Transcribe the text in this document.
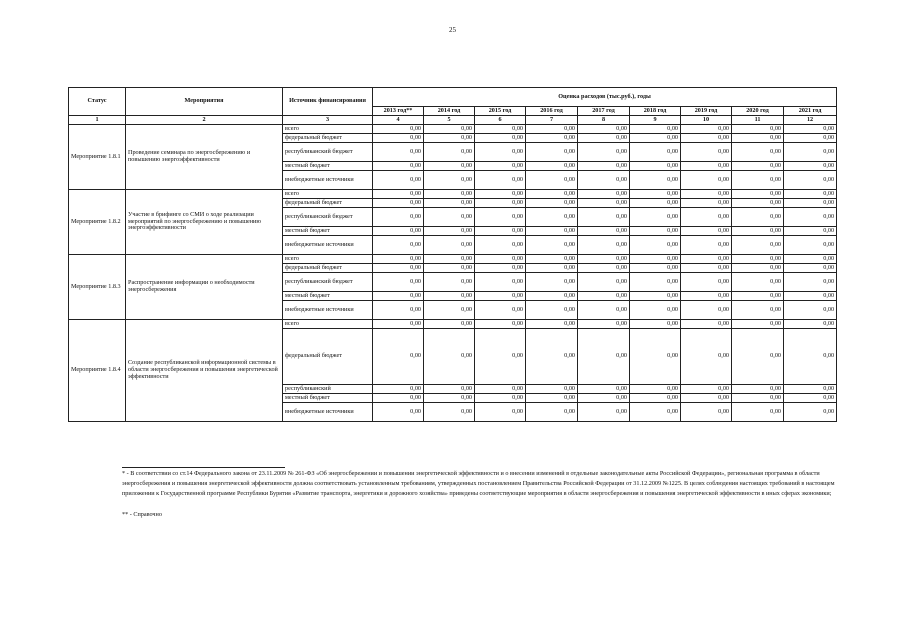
25
Статус	Мероприятия	Источник финансирования	Оценка расходов (тыс.руб.), годы								
			2013 год**	2014 год	2015 год	2016 год	2017 год	2018 год	2019 год	2020 год	2021 год
1	2	3	4	5	6	7	8	9	10	11	12
Мероприятие 1.8.1	Проведение семинара по энергосбережению и повышению энергоэффективности	всего	0,00	0,00	0,00	0,00	0,00	0,00	0,00	0,00	0,00
		федеральный бюджет	0,00	0,00	0,00	0,00	0,00	0,00	0,00	0,00	0,00
		республиканский бюджет	0,00	0,00	0,00	0,00	0,00	0,00	0,00	0,00	0,00
		местный бюджет	0,00	0,00	0,00	0,00	0,00	0,00	0,00	0,00	0,00
		внебюджетные источники	0,00	0,00	0,00	0,00	0,00	0,00	0,00	0,00	0,00
Мероприятие 1.8.2	Участие в брифинге со СМИ о ходе реализации мероприятий по энергосбережению и повышению энергоэффективности	всего	0,00	0,00	0,00	0,00	0,00	0,00	0,00	0,00	0,00
		федеральный бюджет	0,00	0,00	0,00	0,00	0,00	0,00	0,00	0,00	0,00
		республиканский бюджет	0,00	0,00	0,00	0,00	0,00	0,00	0,00	0,00	0,00
		местный бюджет	0,00	0,00	0,00	0,00	0,00	0,00	0,00	0,00	0,00
		внебюджетные источники	0,00	0,00	0,00	0,00	0,00	0,00	0,00	0,00	0,00
Мероприятие 1.8.3	Распространение информации о необходимости энергосбережения	всего	0,00	0,00	0,00	0,00	0,00	0,00	0,00	0,00	0,00
		федеральный бюджет	0,00	0,00	0,00	0,00	0,00	0,00	0,00	0,00	0,00
		республиканский бюджет	0,00	0,00	0,00	0,00	0,00	0,00	0,00	0,00	0,00
		местный бюджет	0,00	0,00	0,00	0,00	0,00	0,00	0,00	0,00	0,00
		внебюджетные источники	0,00	0,00	0,00	0,00	0,00	0,00	0,00	0,00	0,00
Мероприятие 1.8.4	Создание республиканской информационной системы в области энергосбережения и повышения энергетической эффективности	всего	0,00	0,00	0,00	0,00	0,00	0,00	0,00	0,00	0,00
		федеральный бюджет	0,00	0,00	0,00	0,00	0,00	0,00	0,00	0,00	0,00
		республиканский	0,00	0,00	0,00	0,00	0,00	0,00	0,00	0,00	0,00
		местный бюджет	0,00	0,00	0,00	0,00	0,00	0,00	0,00	0,00	0,00
		внебюджетные источники	0,00	0,00	0,00	0,00	0,00	0,00	0,00	0,00	0,00

* - В соответствии со ст.14 Федерального закона от 23.11.2009 № 261-ФЗ «Об энергосбережении и повышении энергетической эффективности и о внесении изменений в отдельные законодательные акты Российской Федерации», региональная программа в области энергосбережения и повышения энергетической эффективности должна соответствовать установленным требованиям, утвержденных постановлением Правительства Российской Федерации от 31.12.2009 №1225. В целях соблюдения настоящих требований в настоящем приложении к Государственной программе Республики Бурятия «Развитие транспорта, энергетики и дорожного хозяйства» приведены соответствующие мероприятия в области энергосбережения и повышения энергетической эффективности в иных сферах экономики;

** - Справочно
